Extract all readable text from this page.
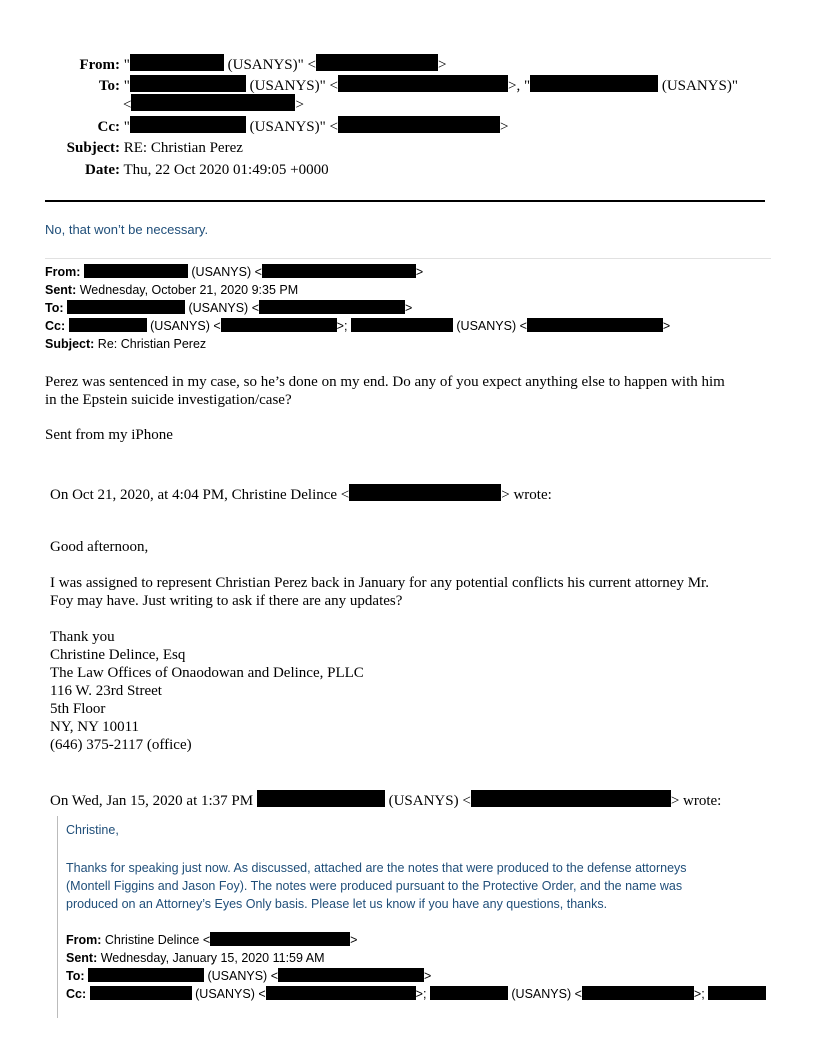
From: "	(USANYS)" <	>
To: "	(USANYS)" <	>, "	(USANYS)"
<	>
Cc: "	(USANYS)" <	>
Subject: RE: Christian Perez
Date: Thu, 22 Oct 2020 01:49:05 +0000
No, that won’t be necessary.
From:	(USANYS) <	>
Sent: Wednesday, October 21, 2020 9:35 PM
To:	(USANYS) <	>
Cc:	(USANYS) <	>;	(USANYS) <	>
Subject: Re: Christian Perez
Perez was sentenced in my case, so he’s done on my end. Do any of you expect anything else to happen with him
in the Epstein suicide investigation/case?
Sent from my iPhone
On Oct 21, 2020, at 4:04 PM, Christine Delince <	> wrote:
Good afternoon,
I was assigned to represent Christian Perez back in January for any potential conflicts his current attorney Mr.
Foy may have. Just writing to ask if there are any updates?
Thank you
Christine Delince, Esq
The Law Offices of Onaodowan and Delince, PLLC
116 W. 23rd Street
5th Floor
NY, NY 10011
(646) 375-2117 (office)
On Wed, Jan 15, 2020 at 1:37 PM	(USANYS) <	> wrote:
Christine,
Thanks for speaking just now. As discussed, attached are the notes that were produced to the defense attorneys
(Montell Figgins and Jason Foy). The notes were produced pursuant to the Protective Order, and the name was
produced on an Attorney’s Eyes Only basis. Please let us know if you have any questions, thanks.
From: Christine Delince <	>
Sent: Wednesday, January 15, 2020 11:59 AM
To:	(USANYS) <	>
Cc:	(USANYS) <	>;	(USANYS) <	>;
